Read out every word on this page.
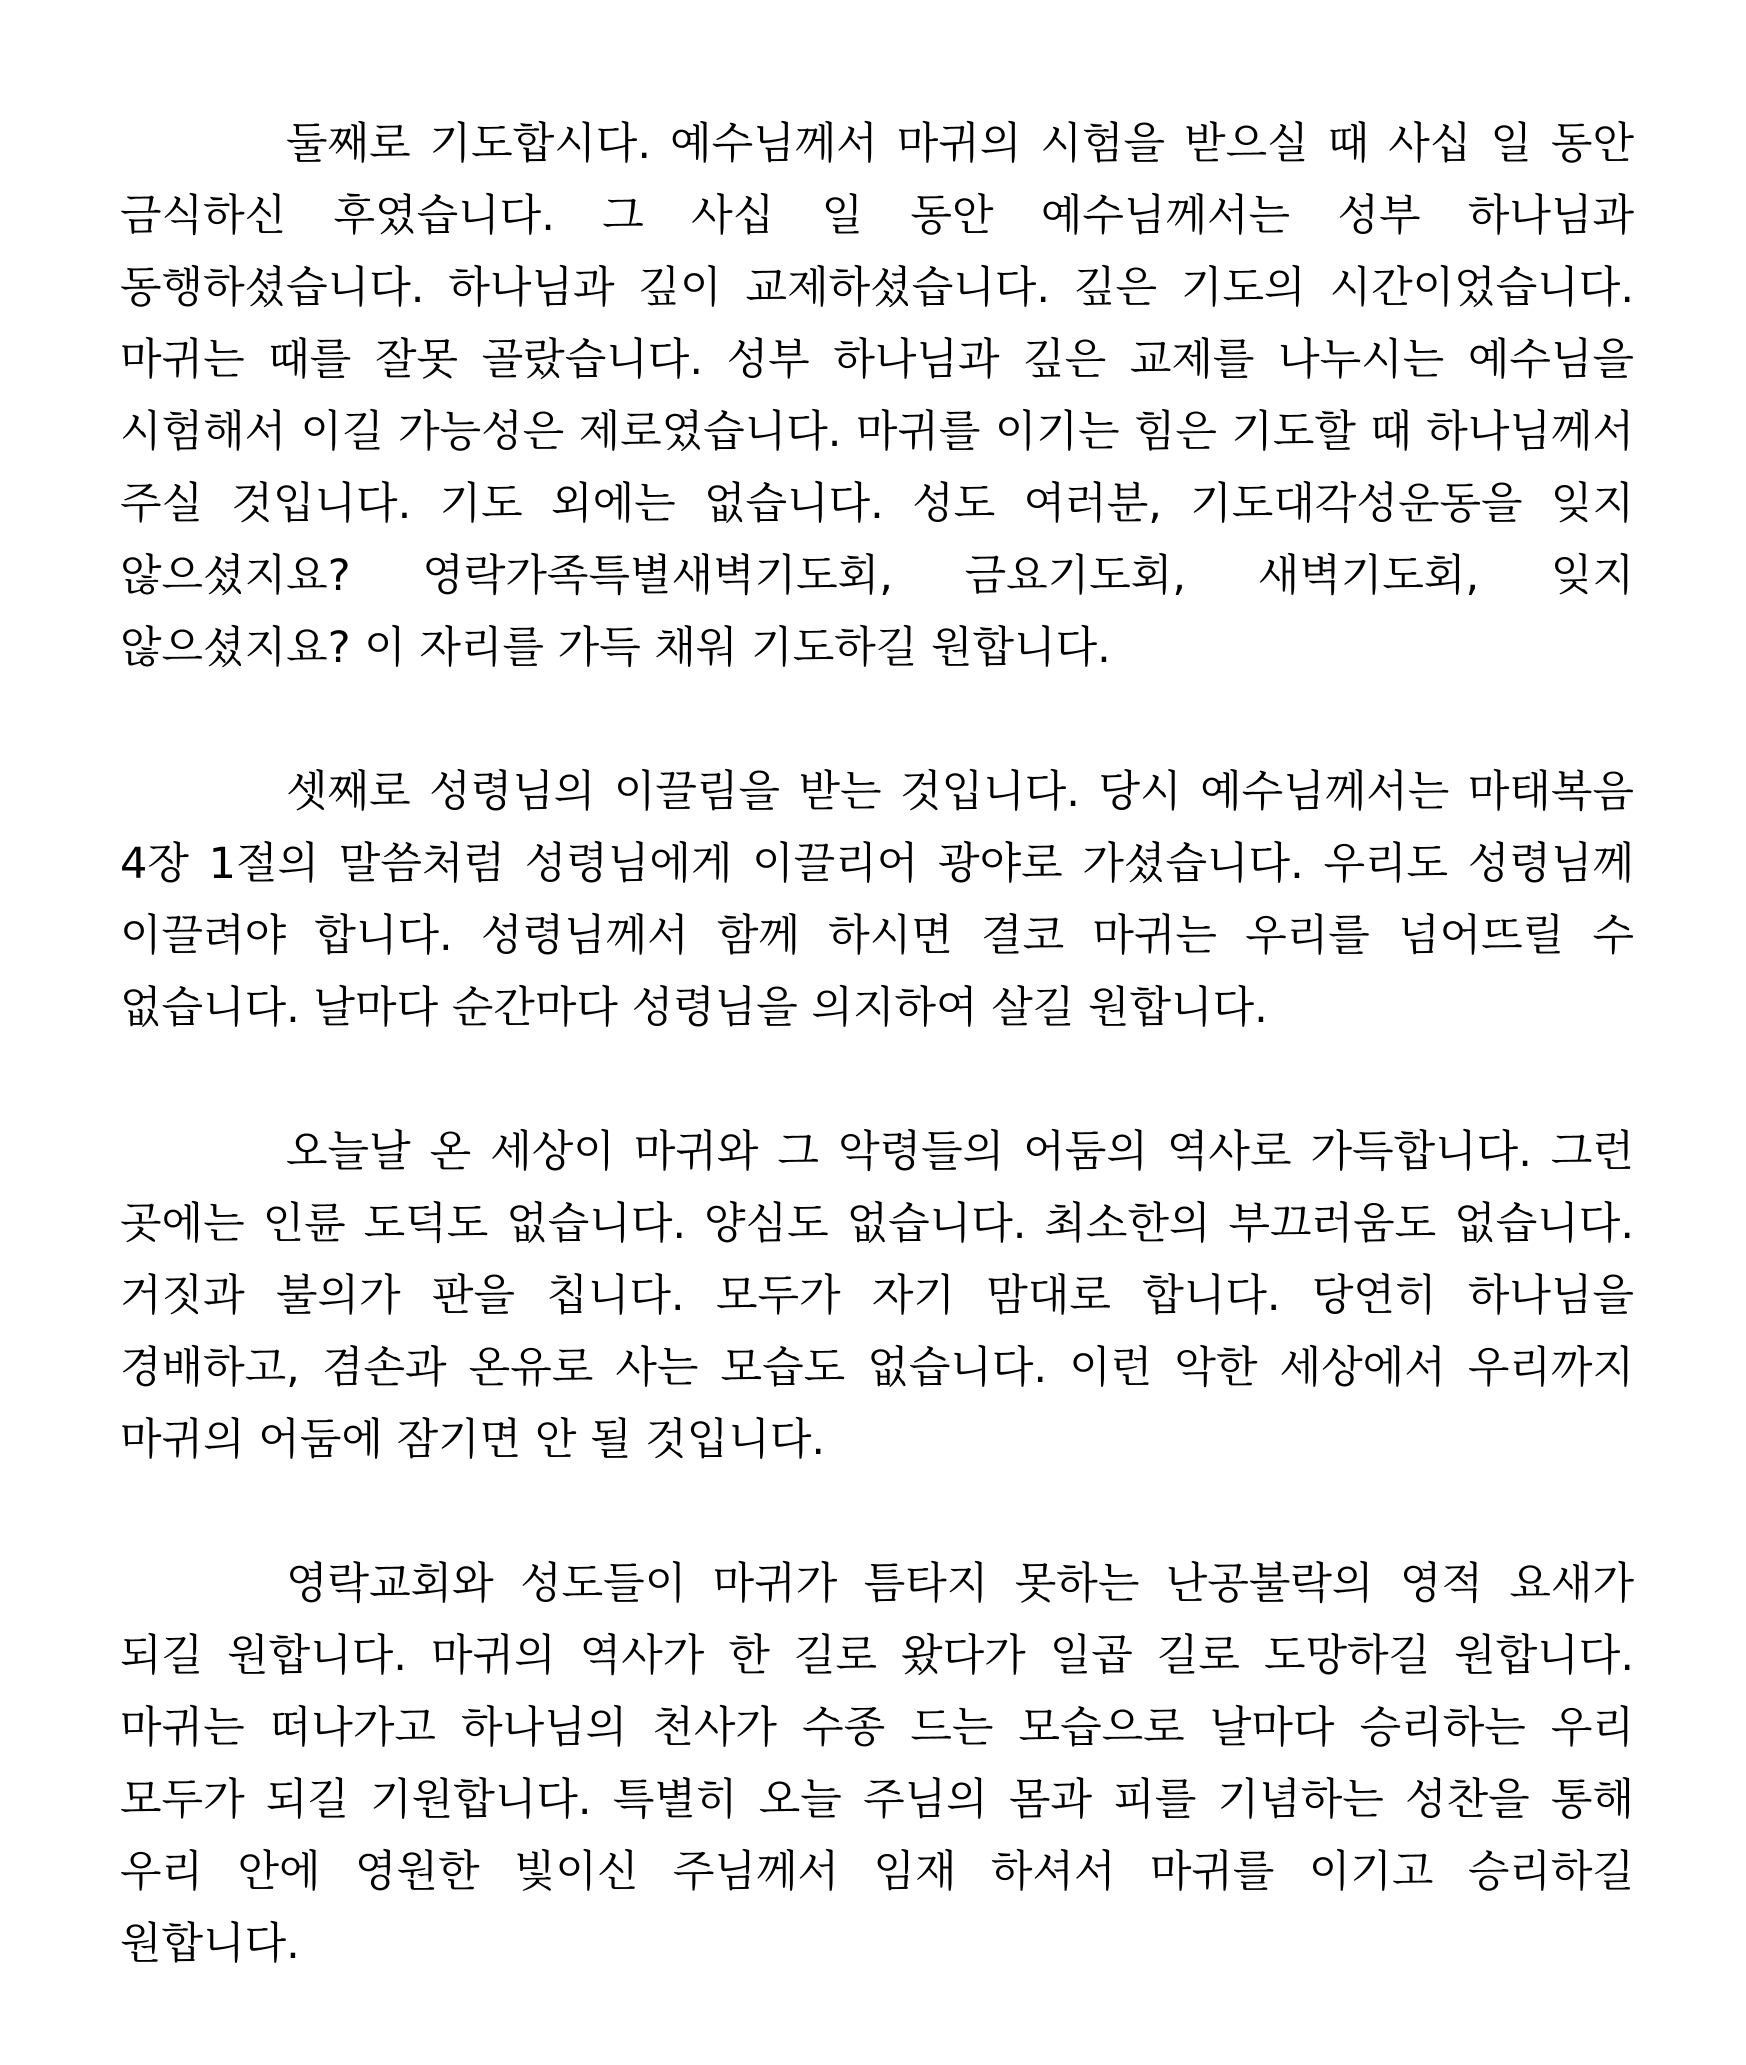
둘째로 기도합시다. 예수님께서 마귀의 시험을 받으실 때 사십 일 동안 금식하신 후였습니다. 그 사십 일 동안 예수님께서는 성부 하나님과 동행하셨습니다. 하나님과 깊이 교제하셨습니다. 깊은 기도의 시간이었습니다. 마귀는 때를 잘못 골랐습니다. 성부 하나님과 깊은 교제를 나누시는 예수님을 시험해서 이길 가능성은 제로였습니다. 마귀를 이기는 힘은 기도할 때 하나님께서 주실 것입니다. 기도 외에는 없습니다. 성도 여러분, 기도대각성운동을 잊지 않으셨지요? 영락가족특별새벽기도회, 금요기도회, 새벽기도회, 잊지 않으셨지요? 이 자리를 가득 채워 기도하길 원합니다.

셋째로 성령님의 이끌림을 받는 것입니다. 당시 예수님께서는 마태복음 4장 1절의 말씀처럼 성령님에게 이끌리어 광야로 가셨습니다. 우리도 성령님께 이끌려야 합니다. 성령님께서 함께 하시면 결코 마귀는 우리를 넘어뜨릴 수 없습니다. 날마다 순간마다 성령님을 의지하여 살길 원합니다.

오늘날 온 세상이 마귀와 그 악령들의 어둠의 역사로 가득합니다. 그런 곳에는 인륜 도덕도 없습니다. 양심도 없습니다. 최소한의 부끄러움도 없습니다. 거짓과 불의가 판을 칩니다. 모두가 자기 맘대로 합니다. 당연히 하나님을 경배하고, 겸손과 온유로 사는 모습도 없습니다. 이런 악한 세상에서 우리까지 마귀의 어둠에 잠기면 안 될 것입니다.

영락교회와 성도들이 마귀가 틈타지 못하는 난공불락의 영적 요새가 되길 원합니다. 마귀의 역사가 한 길로 왔다가 일곱 길로 도망하길 원합니다. 마귀는 떠나가고 하나님의 천사가 수종 드는 모습으로 날마다 승리하는 우리 모두가 되길 기원합니다. 특별히 오늘 주님의 몸과 피를 기념하는 성찬을 통해 우리 안에 영원한 빛이신 주님께서 임재 하셔서 마귀를 이기고 승리하길 원합니다.
